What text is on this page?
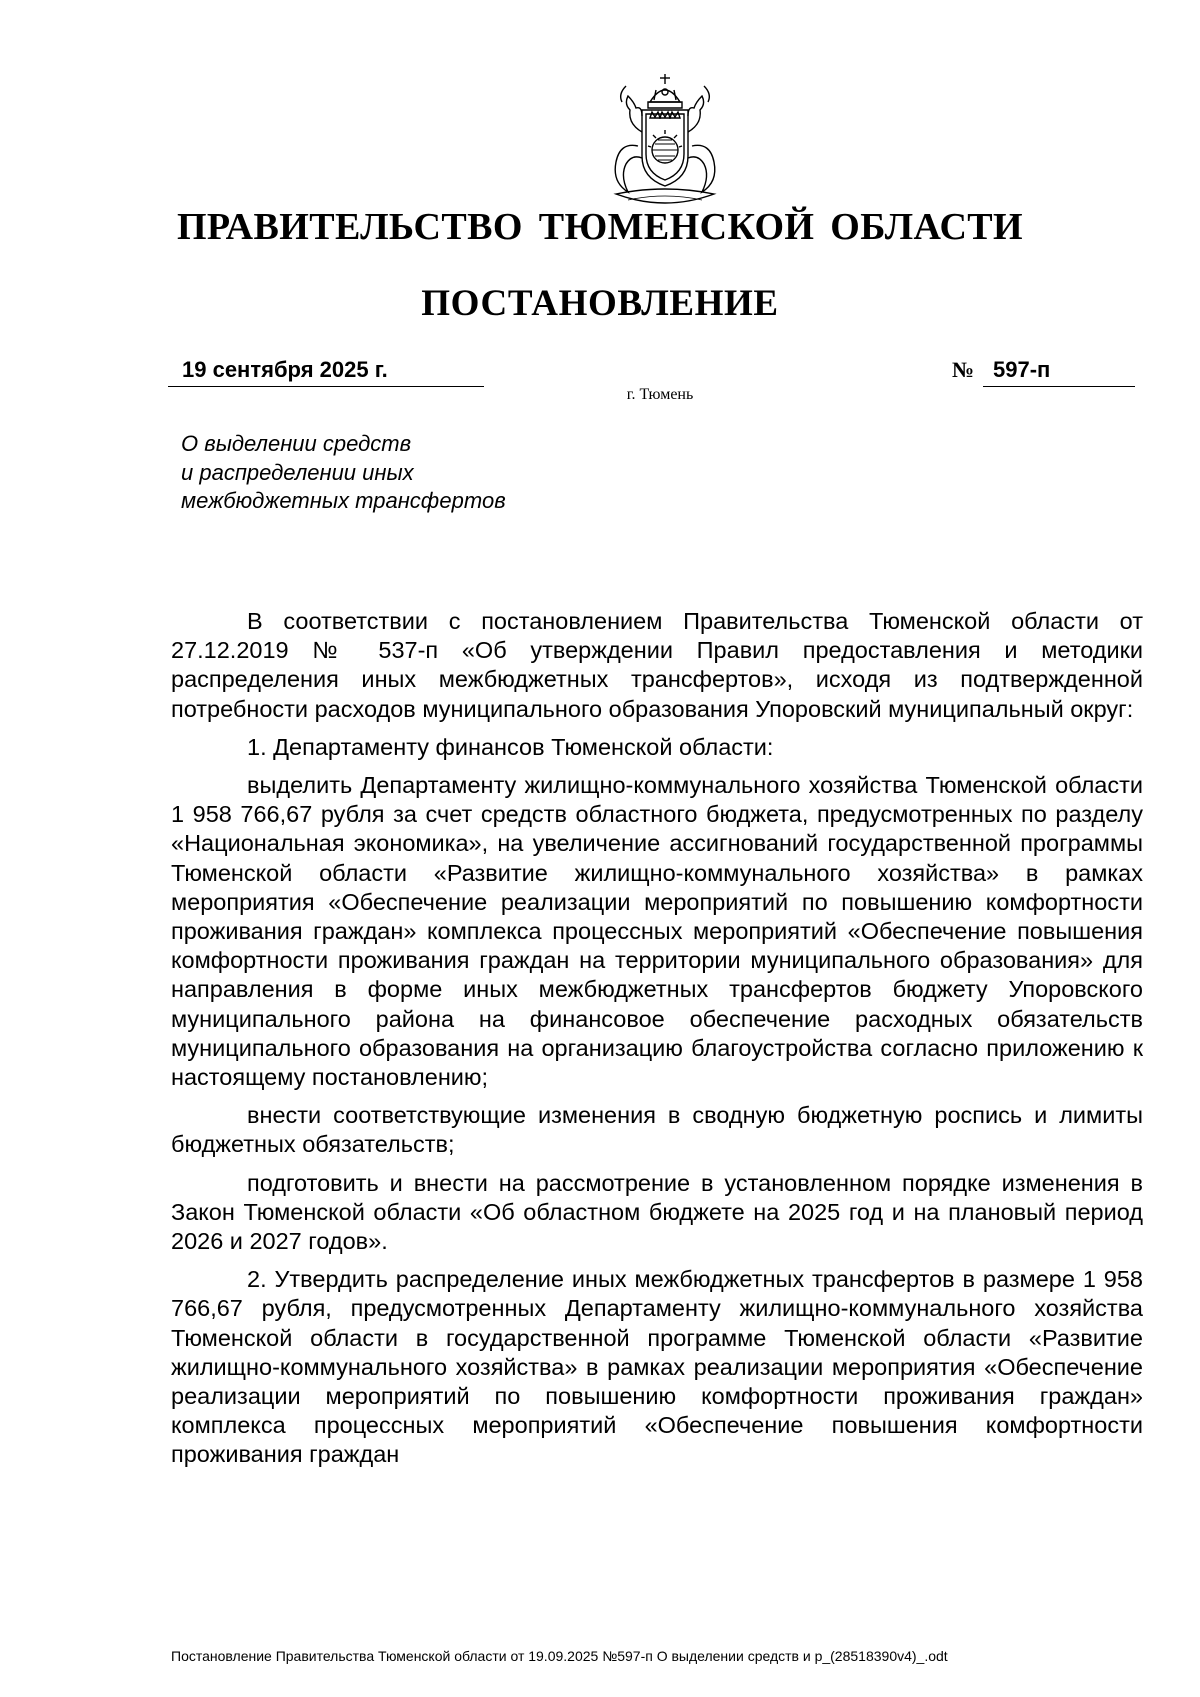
ПРАВИТЕЛЬСТВО ТЮМЕНСКОЙ ОБЛАСТИ
ПОСТАНОВЛЕНИЕ
19 сентября 2025 г.	№ 597-п
г. Тюмень
О выделении средств
и распределении иных
межбюджетных трансфертов

В соответствии с постановлением Правительства Тюменской области от 27.12.2019 № 537-п «Об утверждении Правил предоставления и методики распределения иных межбюджетных трансфертов», исходя из подтвержденной потребности расходов муниципального образования Упоровский муниципальный округ:

1. Департаменту финансов Тюменской области:

выделить Департаменту жилищно-коммунального хозяйства Тюменской области 1 958 766,67 рубля за счет средств областного бюджета, предусмотренных по разделу «Национальная экономика», на увеличение ассигнований государственной программы Тюменской области «Развитие жилищно-коммунального хозяйства» в рамках мероприятия «Обеспечение реализации мероприятий по повышению комфортности проживания граждан» комплекса процессных мероприятий «Обеспечение повышения комфортности проживания граждан на территории муниципального образования» для направления в форме иных межбюджетных трансфертов бюджету Упоровского муниципального района на финансовое обеспечение расходных обязательств муниципального образования на организацию благоустройства согласно приложению к настоящему постановлению;

внести соответствующие изменения в сводную бюджетную роспись и лимиты бюджетных обязательств;

подготовить и внести на рассмотрение в установленном порядке изменения в Закон Тюменской области «Об областном бюджете на 2025 год и на плановый период 2026 и 2027 годов».

2. Утвердить распределение иных межбюджетных трансфертов в размере 1 958 766,67 рубля, предусмотренных Департаменту жилищно-коммунального хозяйства Тюменской области в государственной программе Тюменской области «Развитие жилищно-коммунального хозяйства» в рамках реализации мероприятия «Обеспечение реализации мероприятий по повышению комфортности проживания граждан» комплекса процессных мероприятий «Обеспечение повышения комфортности проживания граждан

Постановление Правительства Тюменской области от 19.09.2025 №597-п О выделении средств и р_(28518390v4)_.odt
